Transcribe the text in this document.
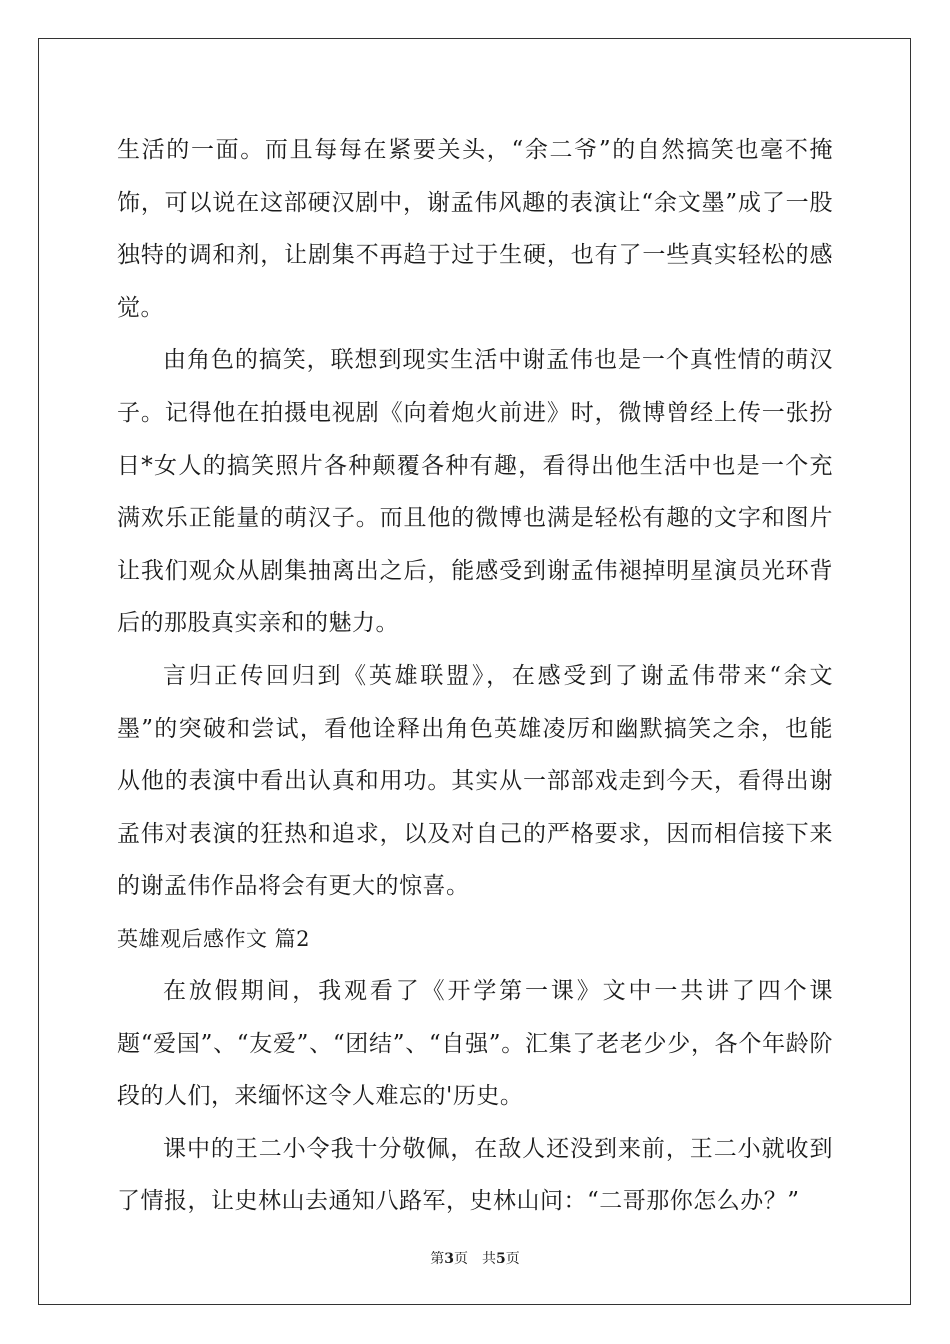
生活的一面。而且每每在紧要关头，“余二爷”的自然搞笑也毫不掩饰，可以说在这部硬汉剧中，谢孟伟风趣的表演让“余文墨”成了一股独特的调和剂，让剧集不再趋于过于生硬，也有了一些真实轻松的感觉。

由角色的搞笑，联想到现实生活中谢孟伟也是一个真性情的萌汉子。记得他在拍摄电视剧《向着炮火前进》时，微博曾经上传一张扮日*女人的搞笑照片各种颠覆各种有趣，看得出他生活中也是一个充满欢乐正能量的萌汉子。而且他的微博也满是轻松有趣的文字和图片让我们观众从剧集抽离出之后，能感受到谢孟伟褪掉明星演员光环背后的那股真实亲和的魅力。

言归正传回归到《英雄联盟》，在感受到了谢孟伟带来“余文墨”的突破和尝试，看他诠释出角色英雄凌厉和幽默搞笑之余，也能从他的表演中看出认真和用功。其实从一部部戏走到今天，看得出谢孟伟对表演的狂热和追求，以及对自己的严格要求，因而相信接下来的谢孟伟作品将会有更大的惊喜。

英雄观后感作文 篇2

在放假期间，我观看了《开学第一课》文中一共讲了四个课题“爱国”、“友爱”、“团结”、“自强”。汇集了老老少少，各个年龄阶段的人们，来缅怀这令人难忘的'历史。

课中的王二小令我十分敬佩，在敌人还没到来前，王二小就收到了情报，让史林山去通知八路军，史林山问：“二哥那你怎么办？”

第3页 共5页
